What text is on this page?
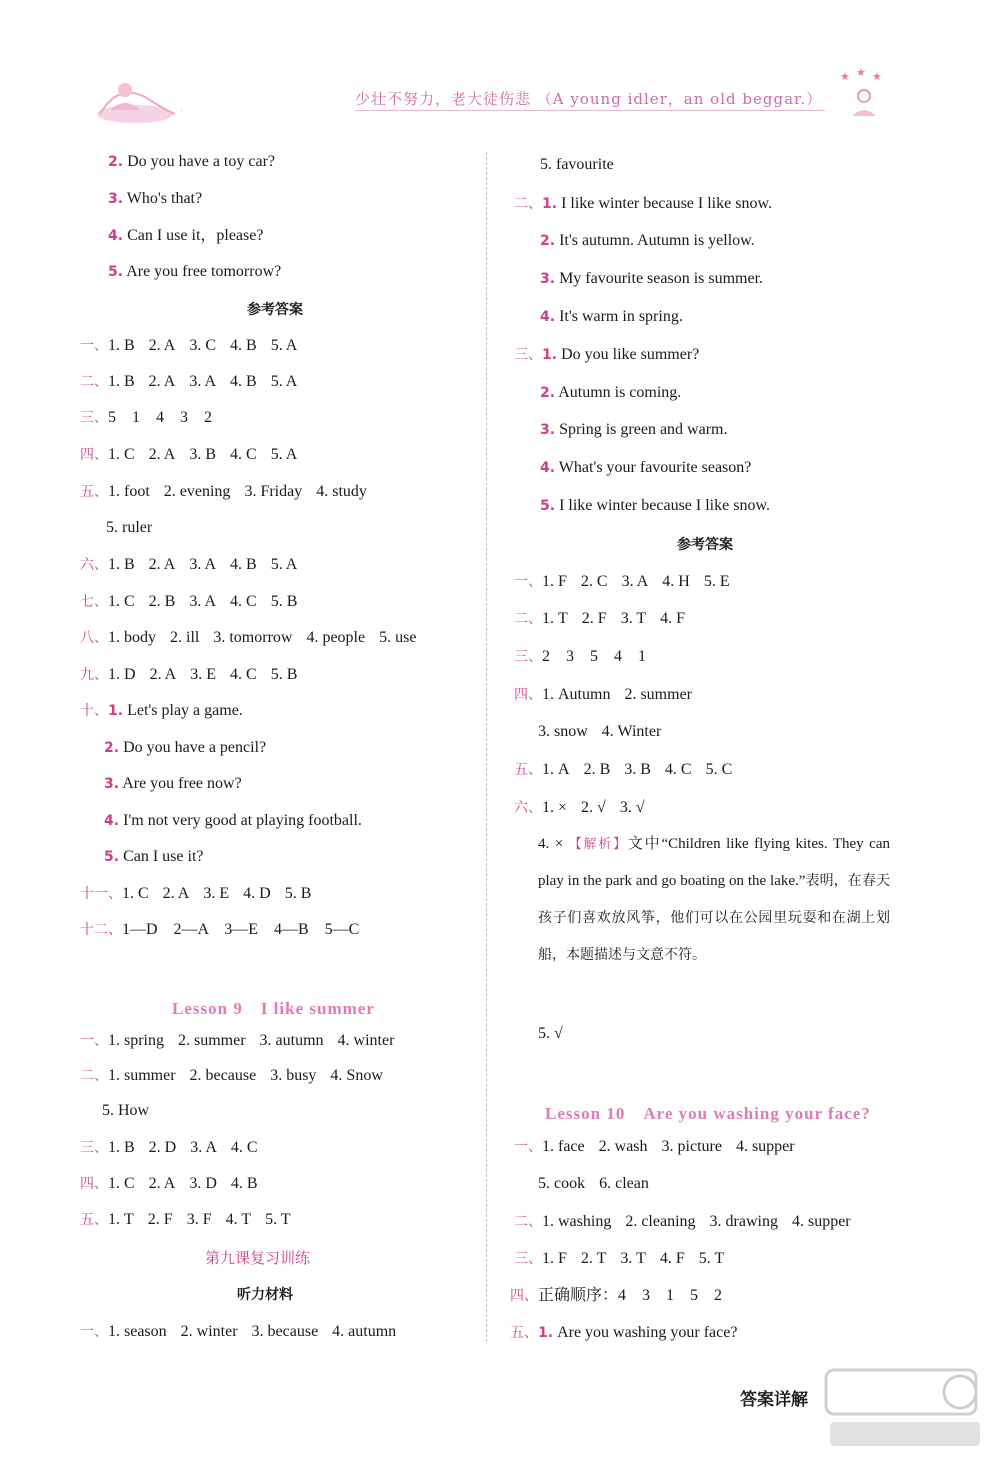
·
少壮不努力，老大徒伤悲 （A young idler，an old beggar.）
★ ★ ★
2. Do you have a toy car?
3. Who's that?
4. Can I use it，please?
5. Are you free tomorrow?
参考答案
一、1. B 2. A 3. C 4. B 5. A
二、1. B 2. A 3. A 4. B 5. A
三、5　1　4　3　2
四、1. C 2. A 3. B 4. C 5. A
五、1. foot 2. evening 3. Friday 4. study
5. ruler
六、1. B 2. A 3. A 4. B 5. A
七、1. C 2. B 3. A 4. C 5. B
八、1. body 2. ill 3. tomorrow 4. people 5. use
九、1. D 2. A 3. E 4. C 5. B
十、1. Let's play a game.
2. Do you have a pencil?
3. Are you free now?
4. I'm not very good at playing football.
5. Can I use it?
十一、1. C 2. A 3. E 4. D 5. B
十二、1—D　2—A　3—E　4—B　5—C
Lesson 9　I like summer
一、1. spring 2. summer 3. autumn 4. winter
二、1. summer 2. because 3. busy 4. Snow
5. How
三、1. B 2. D 3. A 4. C
四、1. C 2. A 3. D 4. B
五、1. T 2. F 3. F 4. T 5. T
第九课复习训练
听力材料
一、1. season 2. winter 3. because 4. autumn
5. favourite
二、1. I like winter because I like snow.
2. It's autumn. Autumn is yellow.
3. My favourite season is summer.
4. It's warm in spring.
三、1. Do you like summer?
2. Autumn is coming.
3. Spring is green and warm.
4. What's your favourite season?
5. I like winter because I like snow.
参考答案
一、1. F 2. C 3. A 4. H 5. E
二、1. T 2. F 3. T 4. F
三、2　3　5　4　1
四、1. Autumn 2. summer
3. snow 4. Winter
五、1. A 2. B 3. B 4. C 5. C
六、1. × 2. √ 3. √
4. × 【解析】文中“Children like flying kites. They can play in the park and go boating on the lake.”表明，在春天孩子们喜欢放风筝，他们可以在公园里玩耍和在湖上划船，本题描述与文意不符。
5. √
Lesson 10　Are you washing your face?
一、1. face 2. wash 3. picture 4. supper
5. cook 6. clean
二、1. washing 2. cleaning 3. drawing 4. supper
三、1. F 2. T 3. T 4. F 5. T
四、正确顺序：4　3　1　5　2
五、1. Are you washing your face?
答案详解
